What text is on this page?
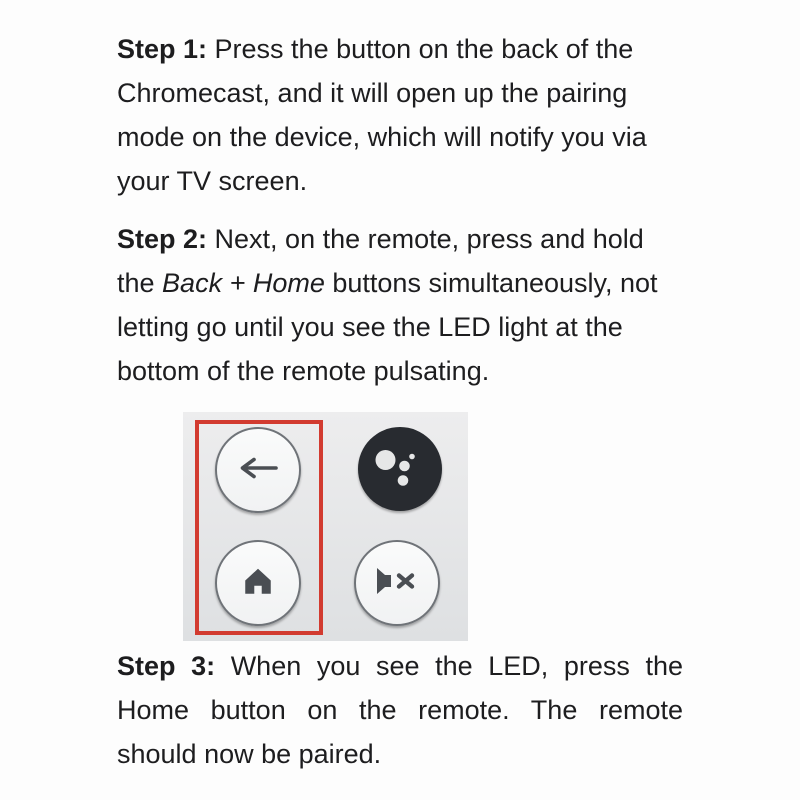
Step 1: Press the button on the back of the
Chromecast, and it will open up the pairing
mode on the device, which will notify you via
your TV screen.
Step 2: Next, on the remote, press and hold
the Back + Home buttons simultaneously, not
letting go until you see the LED light at the
bottom of the remote pulsating.
Step 3: When you see the LED, press the
Home button on the remote. The remote
should now be paired.
